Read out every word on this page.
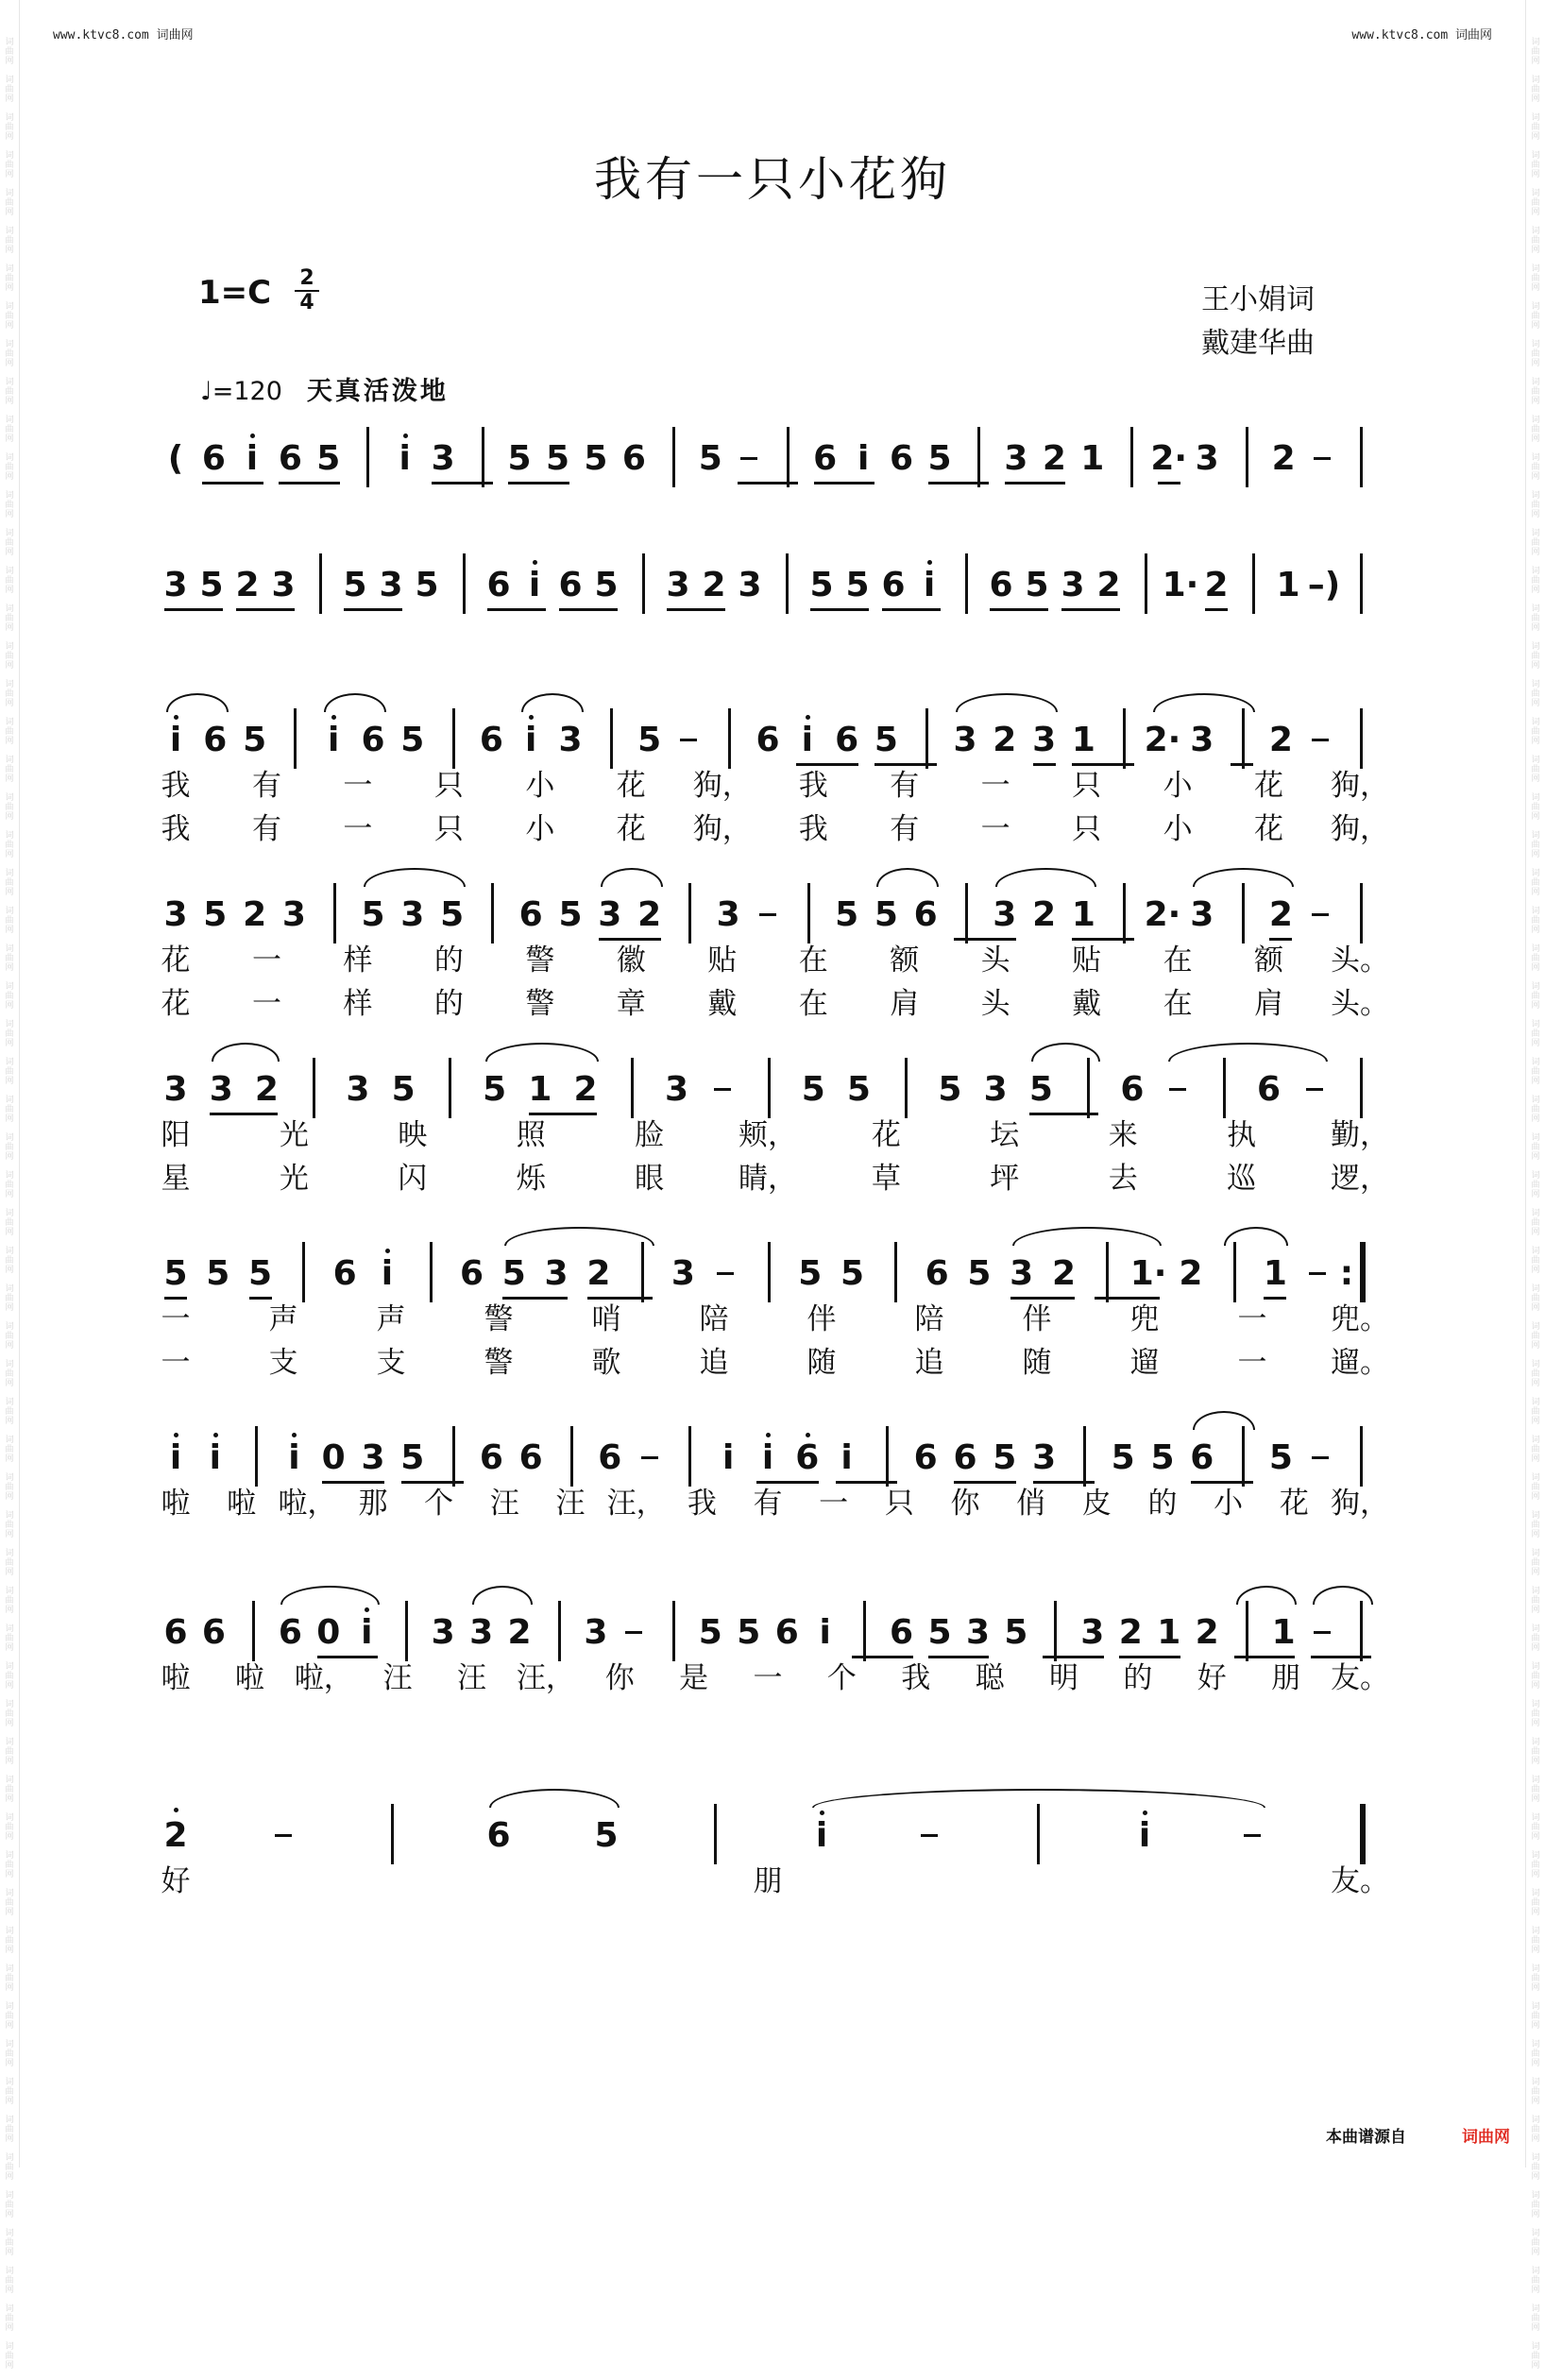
词
曲
网

词
曲
网

词
曲
网

词
曲
网

词
曲
网

词
曲
网

词
曲
网

词
曲
网

词
曲
网

词
曲
网

词
曲
网

词
曲
网

词
曲
网

词
曲
网

词
曲
网

词
曲
网

词
曲
网

词
曲
网

词
曲
网

词
曲
网

词
曲
网

词
曲
网

词
曲
网

词
曲
网

词
曲
网

词
曲
网

词
曲
网

词
曲
网

词
曲
网

词
曲
网

词
曲
网

词
曲
网

词
曲
网

词
曲
网

词
曲
网

词
曲
网

词
曲
网

词
曲
网

词
曲
网

词
曲
网

词
曲
网

词
曲
网

词
曲
网

词
曲
网

词
曲
网

词
曲
网

词
曲
网

词
曲
网

词
曲
网

词
曲
网

词
曲
网

词
曲
网

词
曲
网

词
曲
网

词
曲
网

词
曲
网

词
曲
网

词
曲
网

词
曲
网

词
曲
网

词
曲
网

词
曲
网

词
曲
网

词
曲
网

词
曲
网

词
曲
网

词
曲
网

词
曲
网

词
曲
网

词
曲
网

词
曲
网

词
曲
网

词
曲
网

词
曲
网

词
曲
网

词
曲
网

词
曲
网

词
曲
网

词
曲
网

词
曲
网

词
曲
网

词
曲
网

词
曲
网

词
曲
网

词
曲
网

词
曲
网

词
曲
网

词
曲
网

词
曲
网

词
曲
网

词
曲
网

词
曲
网

词
曲
网

词
曲
网

词
曲
网

词
曲
网

词
曲
网

词
曲
网

词
曲
网

词
曲
网

词
曲
网

词
曲
网

词
曲
网

词
曲
网

词
曲
网

词
曲
网

词
曲
网

词
曲
网

词
曲
网

词
曲
网

词
曲
网

词
曲
网

词
曲
网

词
曲
网

词
曲
网

词
曲
网

词
曲
网

词
曲
网

词
曲
网

词
曲
网

词
曲
网

词
曲
网

词
曲
网

词
曲
网

www.ktvc8.com 词曲网	www.ktvc8.com 词曲网
我有一只小花狗
1=C 2
4	王小娟词
戴建华曲
♩=120 天真活泼地
( 6 i 6 5 i 3 5 5 5 6 5	6 i 6 5 3 2 1 2· 3 2
3 5 2 3 5 3 5 6 i 6 5 3 2 3 5 5 6 i 6 5 3 2 1· 2 1 –)
i 6 5 i 6 5 6 i 3 5	6 i 6 5 3 2 3 1 2· 3 2
我 有 一 只 小 花 狗， 我 有 一 只 小 花 狗，
我 有 一 只 小 花 狗， 我 有 一 只 小 花 狗，
3 5 2 3 5 3 5 6 5 3 2 3	5 5 6 3 2 1 2· 3 2
花 一 样 的 警 徽 贴 在 额 头 贴 在 额 头。
花 一 样 的 警 章 戴 在 肩 头 戴 在 肩 头。
3 3 2 3 5 5 1 2 3	5 5 5 3 5 6	6
阳	光	映	照	脸	颊，	花	坛	来	执	勤，
星	光	闪	烁	眼	睛，	草	坪	去	巡	逻，
5 5 5 6 i 6 5 3 2 3	5 5 6 5 3 2 1· 2 1 :
一	声	声	警	哨	陪	伴	陪	伴	兜	一 兜。
一	支	支	警	歌	追	随	追	随	遛	一 遛。
i i i 0 3 5 6 6 6	i i 6 i 6 6 5 3 5 5 6 5
啦 啦 啦， 那 个 汪 汪 汪， 我 有 一 只 你 俏 皮 的 小 花 狗，
6 6 6 0 i 3 3 2 3	5 5 6 i 6 5 3 5 3 2 1 2 1
啦 啦 啦， 汪 汪 汪， 你 是 一 个 我 聪 明 的 好 朋 友。
2	6 5	i	i
好	朋	友。
本曲谱源自	词曲网
